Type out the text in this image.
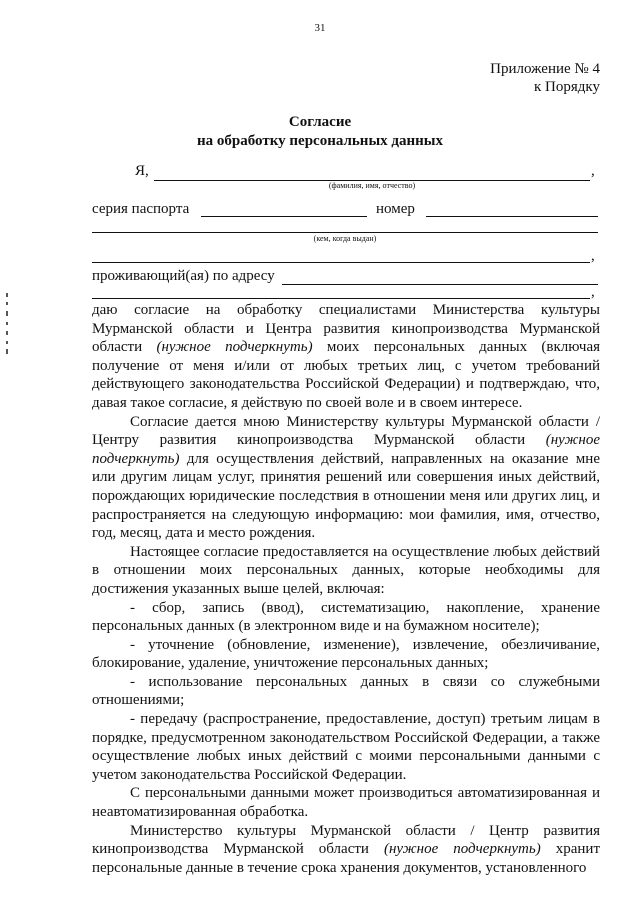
31
Приложение № 4
к Порядку
Согласие
на обработку персональных данных
Я,	,
(фамилия, имя, отчество)
серия паспорта	номер
(кем, когда выдан)
,
проживающий(ая) по адресу
,

даю согласие на обработку специалистами Министерства культуры Мурманской области и Центра развития кинопроизводства Мурманской области (нужное подчеркнуть) моих персональных данных (включая получение от меня и/или от любых третьих лиц, с учетом требований действующего законодательства Российской Федерации) и подтверждаю, что, давая такое согласие, я действую по своей воле и в своем интересе.

Согласие дается мною Министерству культуры Мурманской области / Центру развития кинопроизводства Мурманской области (нужное подчеркнуть) для осуществления действий, направленных на оказание мне или другим лицам услуг, принятия решений или совершения иных действий, порождающих юридические последствия в отношении меня или других лиц, и распространяется на следующую информацию: мои фамилия, имя, отчество, год, месяц, дата и место рождения.

Настоящее согласие предоставляется на осуществление любых действий в отношении моих персональных данных, которые необходимы для достижения указанных выше целей, включая:

- сбор, запись (ввод), систематизацию, накопление, хранение персональных данных (в электронном виде и на бумажном носителе);

- уточнение (обновление, изменение), извлечение, обезличивание, блокирование, удаление, уничтожение персональных данных;

- использование персональных данных в связи со служебными отношениями;

- передачу (распространение, предоставление, доступ) третьим лицам в порядке, предусмотренном законодательством Российской Федерации, а также осуществление любых иных действий с моими персональными данными с учетом законодательства Российской Федерации.

С персональными данными может производиться автоматизированная и неавтоматизированная обработка.

Министерство культуры Мурманской области / Центр развития кинопроизводства Мурманской области (нужное подчеркнуть) хранит персональные данные в течение срока хранения документов, установленного
